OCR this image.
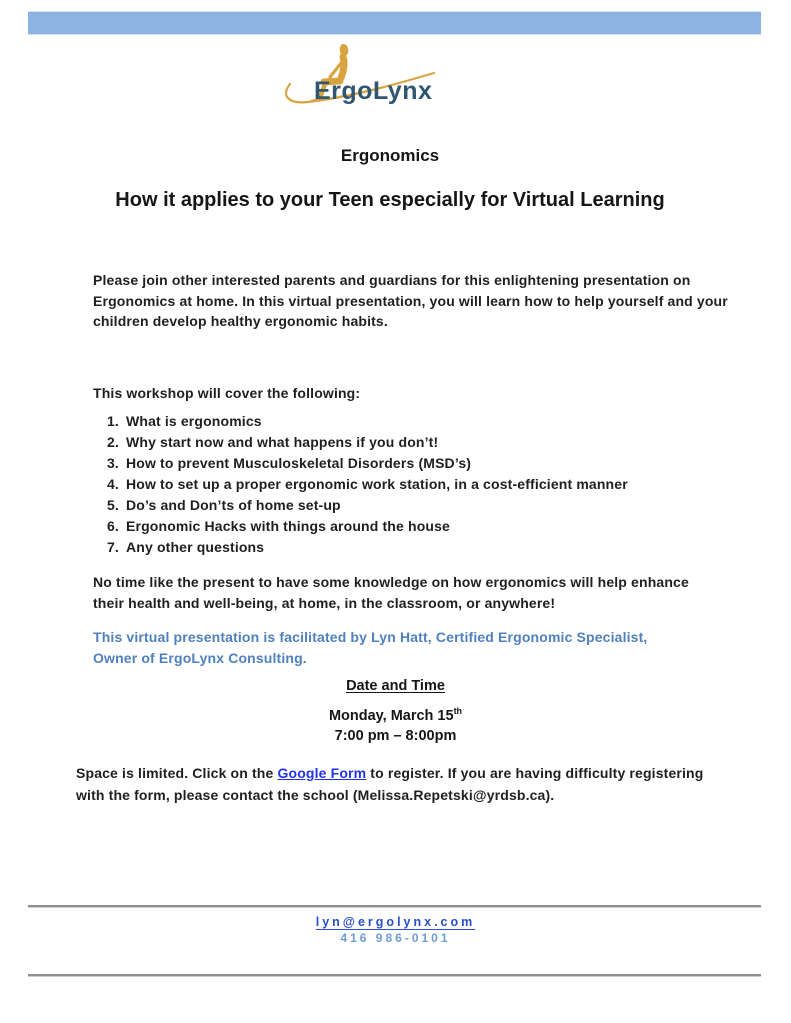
ErgoLynx
Ergonomics
How it applies to your Teen especially for Virtual Learning

Please join other interested parents and guardians for this enlightening presentation on Ergonomics at home. In this virtual presentation, you will learn how to help yourself and your children develop healthy ergonomic habits.

This workshop will cover the following:

1. What is ergonomics
2. Why start now and what happens if you don’t!
3. How to prevent Musculoskeletal Disorders (MSD’s)
4. How to set up a proper ergonomic work station, in a cost-efficient manner
5. Do’s and Don’ts of home set-up
6. Ergonomic Hacks with things around the house
7. Any other questions

No time like the present to have some knowledge on how ergonomics will help enhance their health and well-being, at home, in the classroom, or anywhere!

This virtual presentation is facilitated by Lyn Hatt, Certified Ergonomic Specialist, Owner of ErgoLynx Consulting.

Date and Time
Monday, March 15th
7:00 pm – 8:00pm

Space is limited. Click on the Google Form to register. If you are having difficulty registering with the form, please contact the school (Melissa.Repetski@yrdsb.ca).

lyn@ergolynx.com
416 986-0101
